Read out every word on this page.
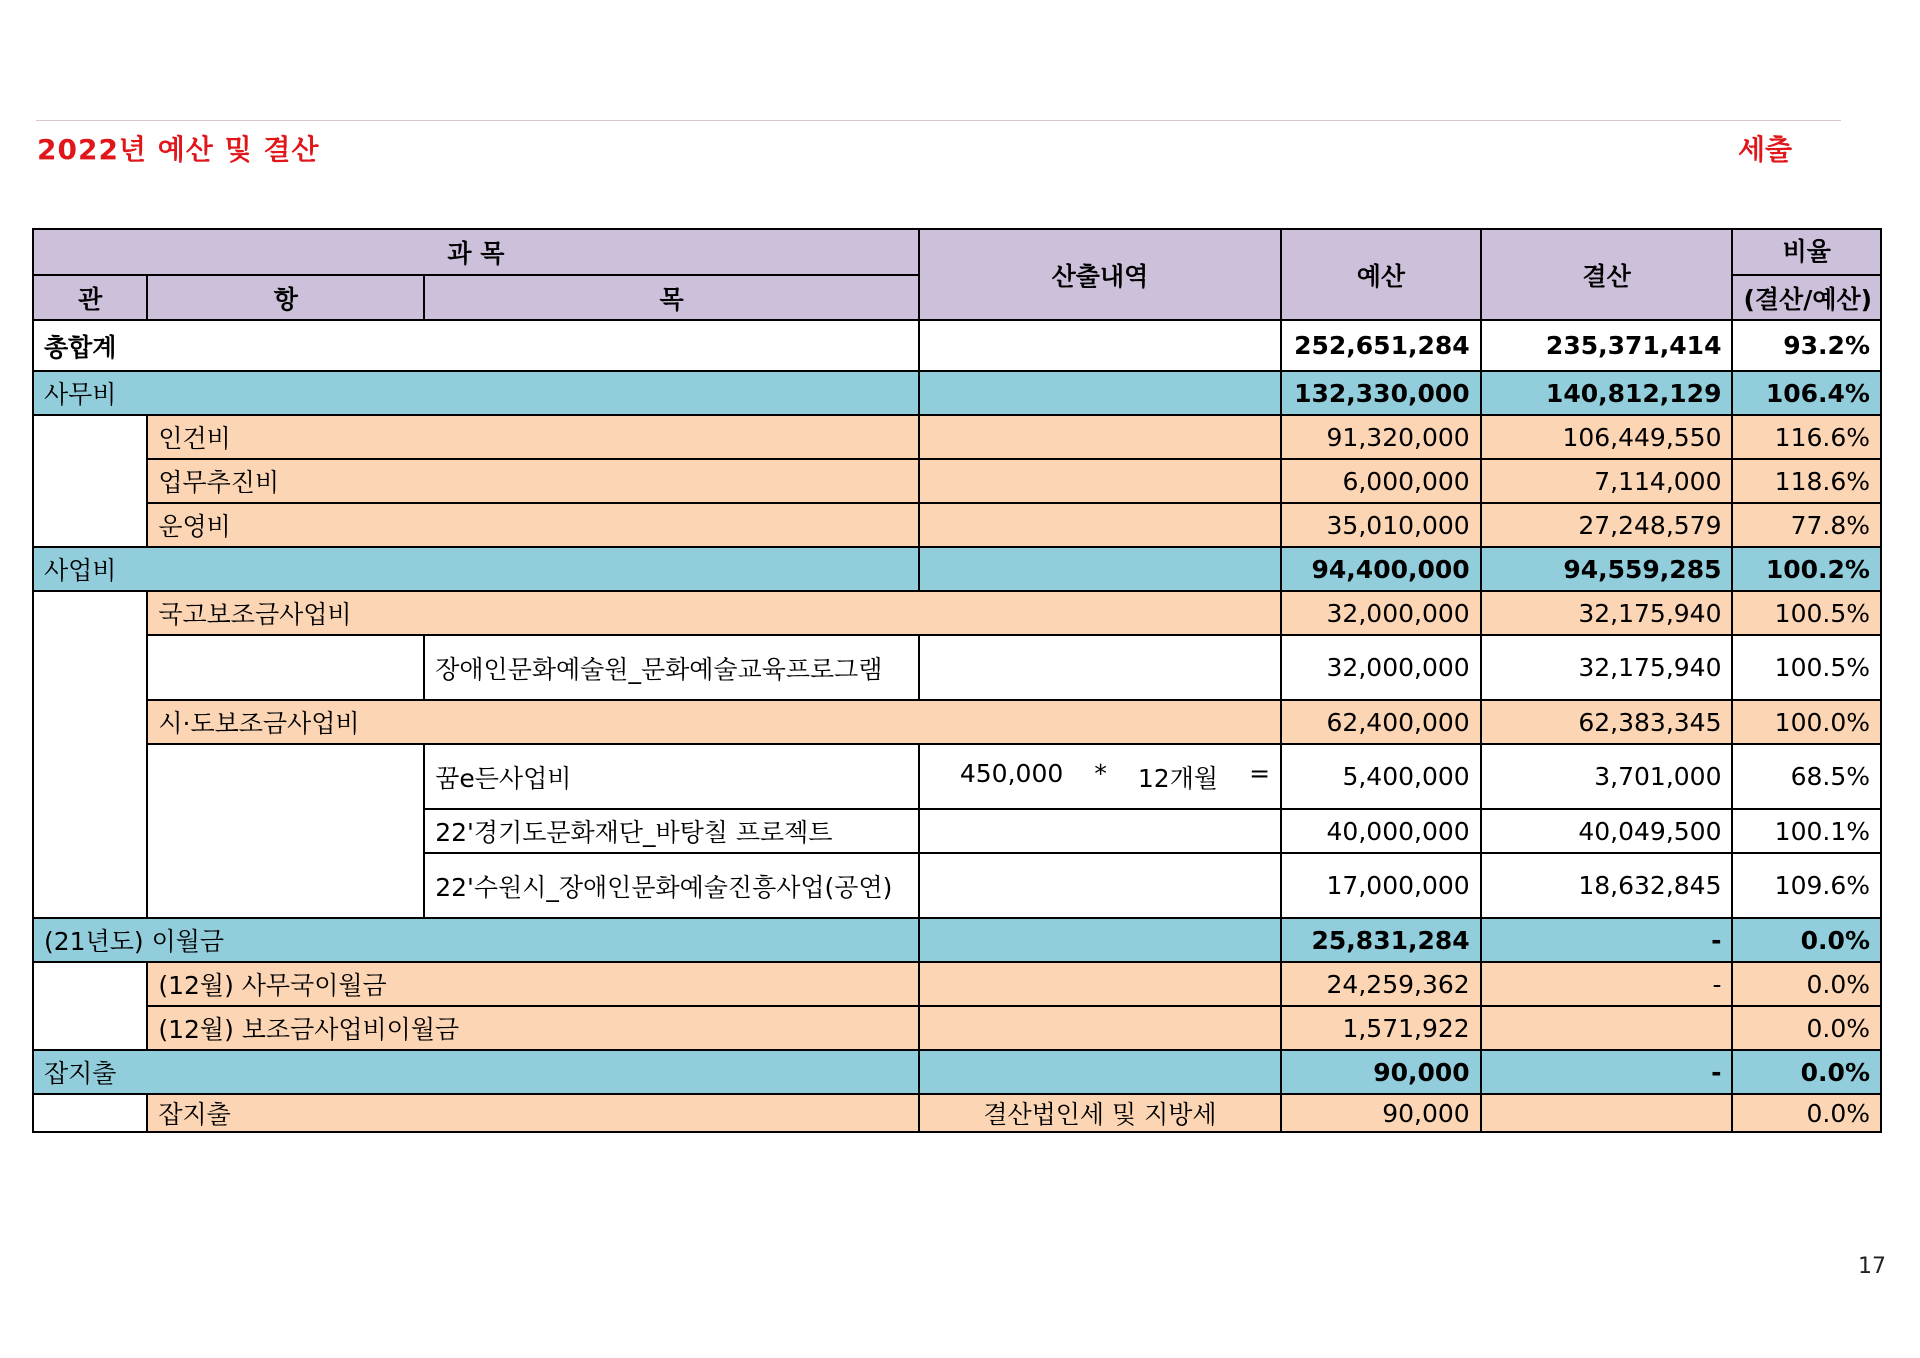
2022년 예산 및 결산	세출
과 목			산출내역	예산	결산	비율
관	항	목				(결산/예산)
총합계				252,651,284	235,371,414	93.2%
사무비				132,330,000	140,812,129	106.4%
	인건비			91,320,000	106,449,550	116.6%
	업무추진비			6,000,000	7,114,000	118.6%
	운영비			35,010,000	27,248,579	77.8%
사업비				94,400,000	94,559,285	100.2%
	국고보조금사업비			32,000,000	32,175,940	100.5%
		장애인문화예술원_문화예술교육프로그램		32,000,000	32,175,940	100.5%
	시·도보조금사업비			62,400,000	62,383,345	100.0%
		꿈e든사업비	450,000 * 12개월 =	5,400,000	3,701,000	68.5%
		22'경기도문화재단_바탕칠 프로젝트		40,000,000	40,049,500	100.1%
		22'수원시_장애인문화예술진흥사업(공연)		17,000,000	18,632,845	109.6%
(21년도) 이월금				25,831,284	-	0.0%
	(12월) 사무국이월금			24,259,362	-	0.0%
	(12월) 보조금사업비이월금			1,571,922		0.0%
잡지출				90,000	-	0.0%
	잡지출		결산법인세 및 지방세	90,000		0.0%
17
